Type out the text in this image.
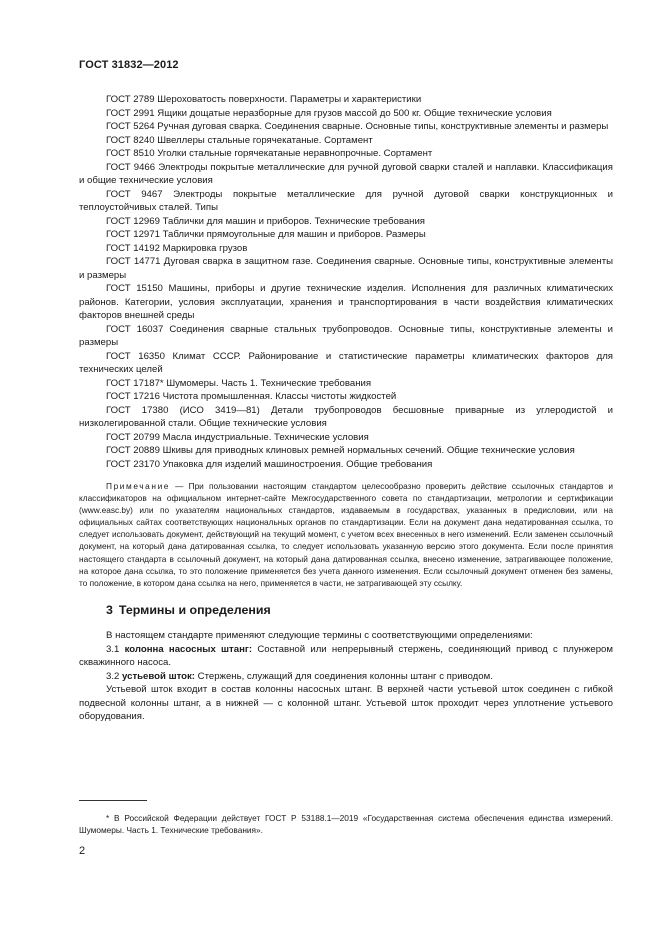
ГОСТ 31832—2012

ГОСТ 2789 Шероховатость поверхности. Параметры и характеристики

ГОСТ 2991 Ящики дощатые неразборные для грузов массой до 500 кг. Общие технические условия

ГОСТ 5264 Ручная дуговая сварка. Соединения сварные. Основные типы, конструктивные элементы и размеры

ГОСТ 8240 Швеллеры стальные горячекатаные. Сортамент

ГОСТ 8510 Уголки стальные горячекатаные неравнопрочные. Сортамент

ГОСТ 9466 Электроды покрытые металлические для ручной дуговой сварки сталей и наплавки. Классификация и общие технические условия

ГОСТ 9467 Электроды покрытые металлические для ручной дуговой сварки конструкционных и теплоустойчивых сталей. Типы

ГОСТ 12969 Таблички для машин и приборов. Технические требования

ГОСТ 12971 Таблички прямоугольные для машин и приборов. Размеры

ГОСТ 14192 Маркировка грузов

ГОСТ 14771 Дуговая сварка в защитном газе. Соединения сварные. Основные типы, конструктивные элементы и размеры

ГОСТ 15150 Машины, приборы и другие технические изделия. Исполнения для различных климатических районов. Категории, условия эксплуатации, хранения и транспортирования в части воздействия климатических факторов внешней среды

ГОСТ 16037 Соединения сварные стальных трубопроводов. Основные типы, конструктивные элементы и размеры

ГОСТ 16350 Климат СССР. Районирование и статистические параметры климатических факторов для технических целей

ГОСТ 17187* Шумомеры. Часть 1. Технические требования

ГОСТ 17216 Чистота промышленная. Классы чистоты жидкостей

ГОСТ 17380 (ИСО 3419—81) Детали трубопроводов бесшовные приварные из углеродистой и низколегированной стали. Общие технические условия

ГОСТ 20799 Масла индустриальные. Технические условия

ГОСТ 20889 Шкивы для приводных клиновых ремней нормальных сечений. Общие технические условия

ГОСТ 23170 Упаковка для изделий машиностроения. Общие требования

Примечание — При пользовании настоящим стандартом целесообразно проверить действие ссылочных стандартов и классификаторов на официальном интернет-сайте Межгосударственного совета по стандартизации, метрологии и сертификации (www.easc.by) или по указателям национальных стандартов, издаваемым в государствах, указанных в предисловии, или на официальных сайтах соответствующих национальных органов по стандартизации. Если на документ дана недатированная ссылка, то следует использовать документ, действующий на текущий момент, с учетом всех внесенных в него изменений. Если заменен ссылочный документ, на который дана датированная ссылка, то следует использовать указанную версию этого документа. Если после принятия настоящего стандарта в ссылочный документ, на который дана датированная ссылка, внесено изменение, затрагивающее положение, на которое дана ссылка, то это положение применяется без учета данного изменения. Если ссылочный документ отменен без замены, то положение, в котором дана ссылка на него, применяется в части, не затрагивающей эту ссылку.

3 Термины и определения

В настоящем стандарте применяют следующие термины с соответствующими определениями:

3.1 колонна насосных штанг: Составной или непрерывный стержень, соединяющий привод с плунжером скважинного насоса.

3.2 устьевой шток: Стержень, служащий для соединения колонны штанг с приводом.

Устьевой шток входит в состав колонны насосных штанг. В верхней части устьевой шток соединен с гибкой подвесной колонны штанг, а в нижней — с колонной штанг. Устьевой шток проходит через уплотнение устьевого оборудования.

* В Российской Федерации действует ГОСТ Р 53188.1—2019 «Государственная система обеспечения единства измерений. Шумомеры. Часть 1. Технические требования».

2
